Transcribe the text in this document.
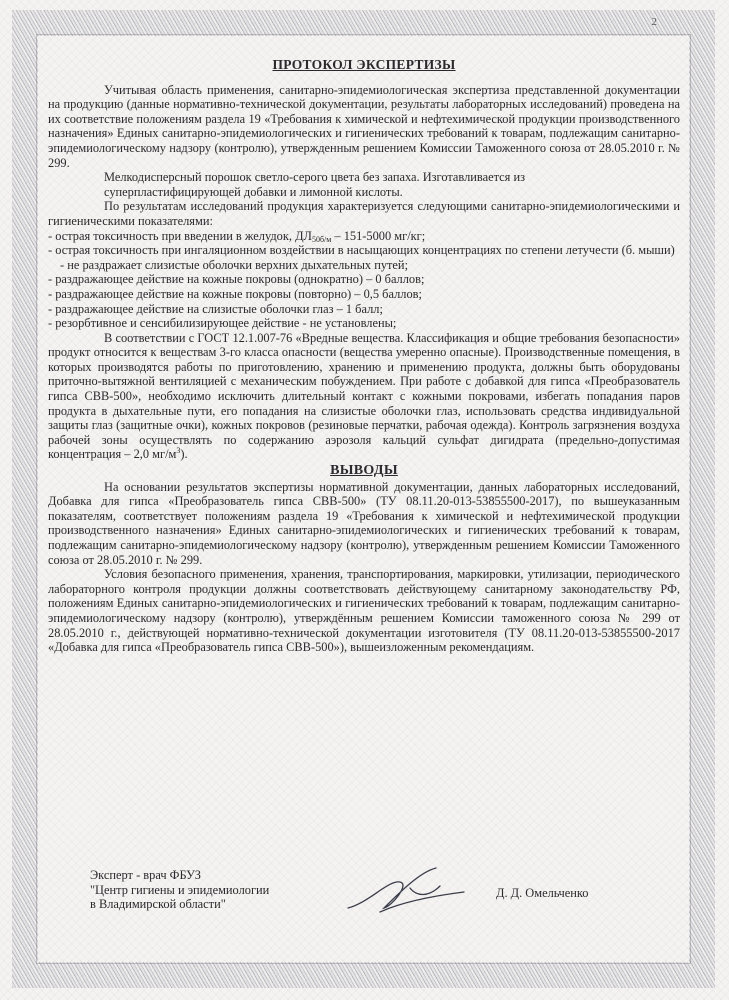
2
ПРОТОКОЛ ЭКСПЕРТИЗЫ

Учитывая область применения, санитарно-эпидемиологическая экспертиза представленной документации на продукцию (данные нормативно-технической документации, результаты лабораторных исследований) проведена на их соответствие положениям раздела 19 «Требования к химической и нефтехимической продукции производственного назначения» Единых санитарно-эпидемиологических и гигиенических требований к товарам, подлежащим санитарно-эпидемиологическому надзору (контролю), утвержденным решением Комиссии Таможенного союза от 28.05.2010 г. № 299.

Мелкодисперсный порошок светло-серого цвета без запаха. Изготавливается из

суперпластифицирующей добавки и лимонной кислоты.

По результатам исследований продукция характеризуется следующими санитарно-эпидемиологическими и гигиеническими показателями:

- острая токсичность при введении в желудок, $ДЛ_{50б/м} - 151-5000$ мг/кг;
- острая токсичность при ингаляционном воздействии в насыщающих концентрациях по степени летучести (б. мыши) - не раздражает слизистые оболочки верхних дыхательных путей;
- раздражающее действие на кожные покровы (однократно) – 0 баллов;
- раздражающее действие на кожные покровы (повторно) – 0,5 баллов;
- раздражающее действие на слизистые оболочки глаз – 1 балл;
- резорбтивное и сенсибилизирующее действие - не установлены;

В соответствии с ГОСТ 12.1.007-76 «Вредные вещества. Классификация и общие требования безопасности» продукт относится к веществам 3-го класса опасности (вещества умеренно опасные). Производственные помещения, в которых производятся работы по приготовлению, хранению и применению продукта, должны быть оборудованы приточно-вытяжной вентиляцией с механическим побуждением. При работе с добавкой для гипса «Преобразователь гипса СВВ-500», необходимо исключить длительный контакт с кожными покровами, избегать попадания паров продукта в дыхательные пути, его попадания на слизистые оболочки глаз, использовать средства индивидуальной защиты глаз (защитные очки), кожных покровов (резиновые перчатки, рабочая одежда). Контроль загрязнения воздуха рабочей зоны осуществлять по содержанию аэрозоля кальций сульфат дигидрата (предельно-допустимая концентрация – 2,0 $мг/м^3$).

ВЫВОДЫ

На основании результатов экспертизы нормативной документации, данных лабораторных исследований, Добавка для гипса «Преобразователь гипса СВВ-500» (ТУ 08.11.20-013-53855500-2017), по вышеуказанным показателям, соответствует положениям раздела 19 «Требования к химической и нефтехимической продукции производственного назначения» Единых санитарно-эпидемиологических и гигиенических требований к товарам, подлежащим санитарно-эпидемиологическому надзору (контролю), утвержденным решением Комиссии Таможенного союза от 28.05.2010 г. № 299.

Условия безопасного применения, хранения, транспортирования, маркировки, утилизации, периодического лабораторного контроля продукции должны соответствовать действующему санитарному законодательству РФ, положениям Единых санитарно-эпидемиологических и гигиенических требований к товарам, подлежащим санитарно-эпидемиологическому надзору (контролю), утверждённым решением Комиссии таможенного союза № 299 от 28.05.2010 г., действующей нормативно-технической документации изготовителя (ТУ 08.11.20-013-53855500-2017 «Добавка для гипса «Преобразователь гипса СВВ-500»), вышеизложенным рекомендациям.

Эксперт - врач ФБУЗ
"Центр гигиены и эпидемиологии
в Владимирской области"
Д. Д. Омельченко
